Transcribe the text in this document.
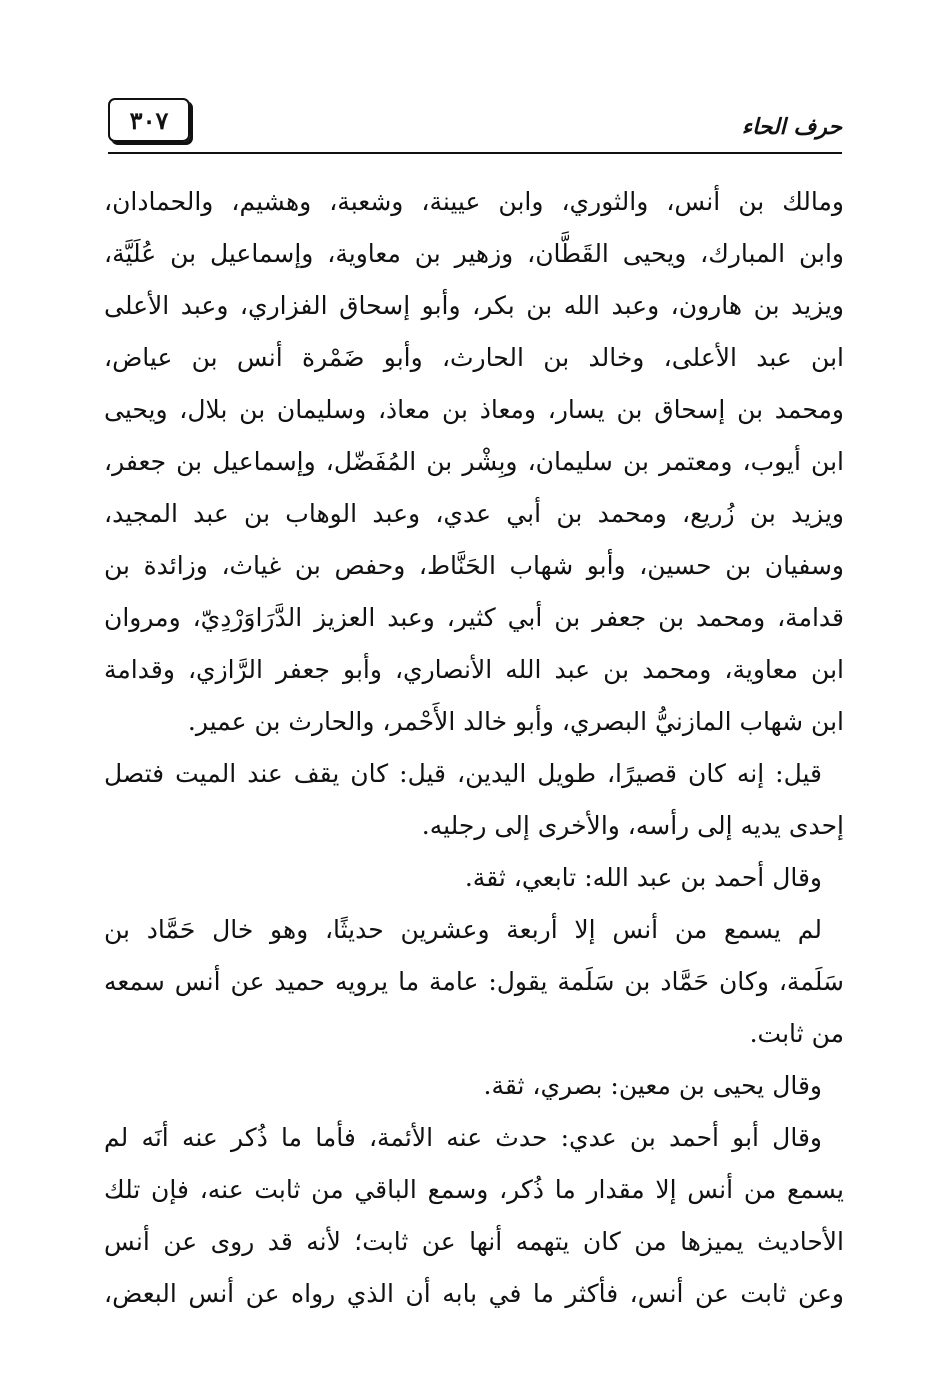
٣٠٧	حرف الحاء
ومالك بن أنس، والثوري، وابن عيينة، وشعبة، وهشيم، والحمادان،
وابن المبارك، ويحيى القَطَّان، وزهير بن معاوية، وإسماعيل بن عُلَيَّة،
ويزيد بن هارون، وعبد الله بن بكر، وأبو إسحاق الفزاري، وعبد الأعلى
ابن عبد الأعلى، وخالد بن الحارث، وأبو ضَمْرة أنس بن عياض،
ومحمد بن إسحاق بن يسار، ومعاذ بن معاذ، وسليمان بن بلال، ويحيى
ابن أيوب، ومعتمر بن سليمان، وبِشْر بن المُفَضّل، وإسماعيل بن جعفر،
ويزيد بن زُريع، ومحمد بن أبي عدي، وعبد الوهاب بن عبد المجيد،
وسفيان بن حسين، وأبو شهاب الحَنَّاط، وحفص بن غياث، وزائدة بن
قدامة، ومحمد بن جعفر بن أبي كثير، وعبد العزيز الدَّرَاوَرْدِيّ، ومروان
ابن معاوية، ومحمد بن عبد الله الأنصاري، وأبو جعفر الرَّازي، وقدامة
ابن شهاب المازنيُّ البصري، وأبو خالد الأَحْمر، والحارث بن عمير.
قيل: إنه كان قصيرًا، طويل اليدين، قيل: كان يقف عند الميت فتصل
إحدى يديه إلى رأسه، والأخرى إلى رجليه.
وقال أحمد بن عبد الله: تابعي، ثقة.
لم يسمع من أنس إلا أربعة وعشرين حديثًا، وهو خال حَمَّاد بن
سَلَمة، وكان حَمَّاد بن سَلَمة يقول: عامة ما يرويه حميد عن أنس سمعه
من ثابت.
وقال يحيى بن معين: بصري، ثقة.
وقال أبو أحمد بن عدي: حدث عنه الأئمة، فأما ما ذُكر عنه أنَه لم
يسمع من أنس إلا مقدار ما ذُكر، وسمع الباقي من ثابت عنه، فإن تلك
الأحاديث يميزها من كان يتهمه أنها عن ثابت؛ لأنه قد روى عن أنس
وعن ثابت عن أنس، فأكثر ما في بابه أن الذي رواه عن أنس البعض،
